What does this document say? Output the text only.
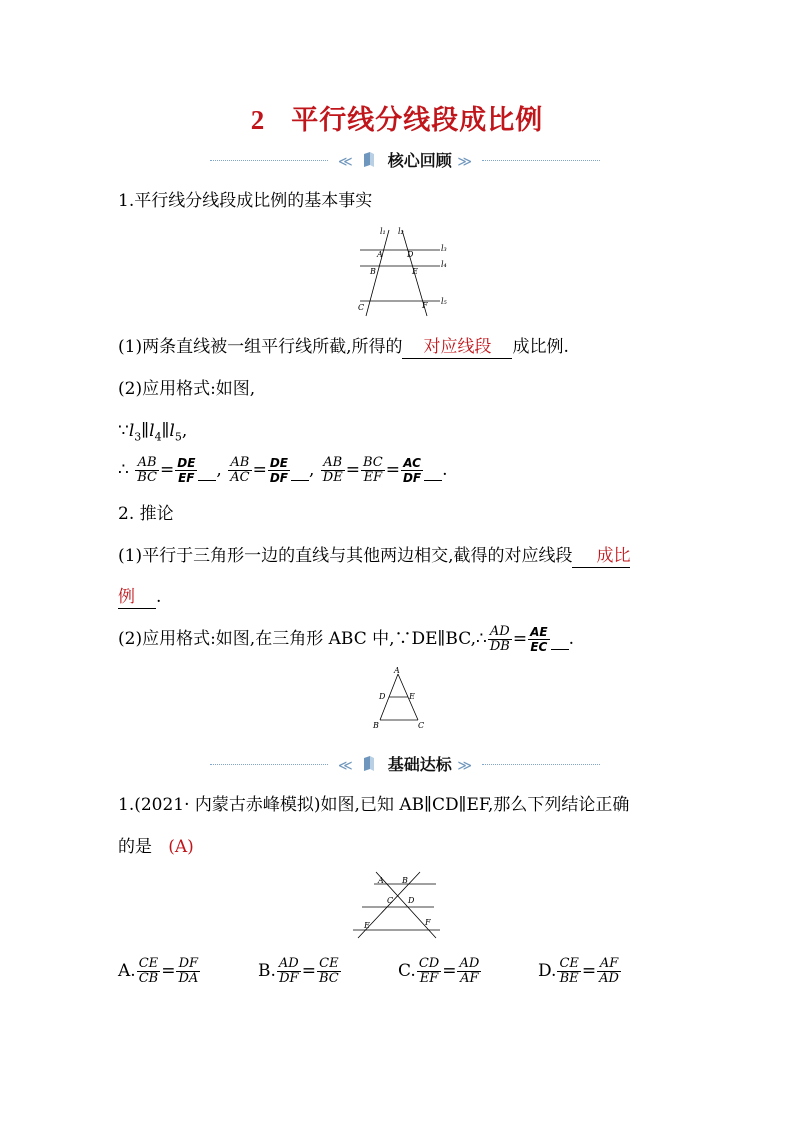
2 平行线分线段成比例
≪ 核心回顾 ≫
1.平行线分线段成比例的基本事实
l₁ l₂
l₃
l₄
l₅
A	D
B	E
C	F
(1)两条直线被一组平行线所截,所得的 对应线段 成比例.
(2)应用格式:如图,
$\because l_3\parallel l_4\parallel l_5$,
∴ $\frac{AB}{BC} = \frac{DE}{EF}$ , $\frac{AB}{AC} = \frac{DE}{DF}$ , $\frac{AB}{DE} = \frac{BC}{EF} = \frac{AC}{DF}$ .
2. 推论
(1)平行于三角形一边的直线与其他两边相交,截得的对应线段 成比
例 .
(2)应用格式:如图,在三角形 ABC 中,∵DE∥BC,∴ $\frac{AD}{DB} = \frac{AE}{EC}$ .
A
D	E
B	C
≪ 基础达标 ≫
1.(2021· 内蒙古赤峰模拟)如图,已知 AB∥CD∥EF,那么下列结论正确
的是 (A)
A B
C D
E	F
A. $\frac{CE}{CB} = \frac{DF}{DA}$	B. $\frac{AD}{DF} = \frac{CE}{BC}$	C. $\frac{CD}{EF} = \frac{AD}{AF}$	D. $\frac{CE}{BE} = \frac{AF}{AD}$
